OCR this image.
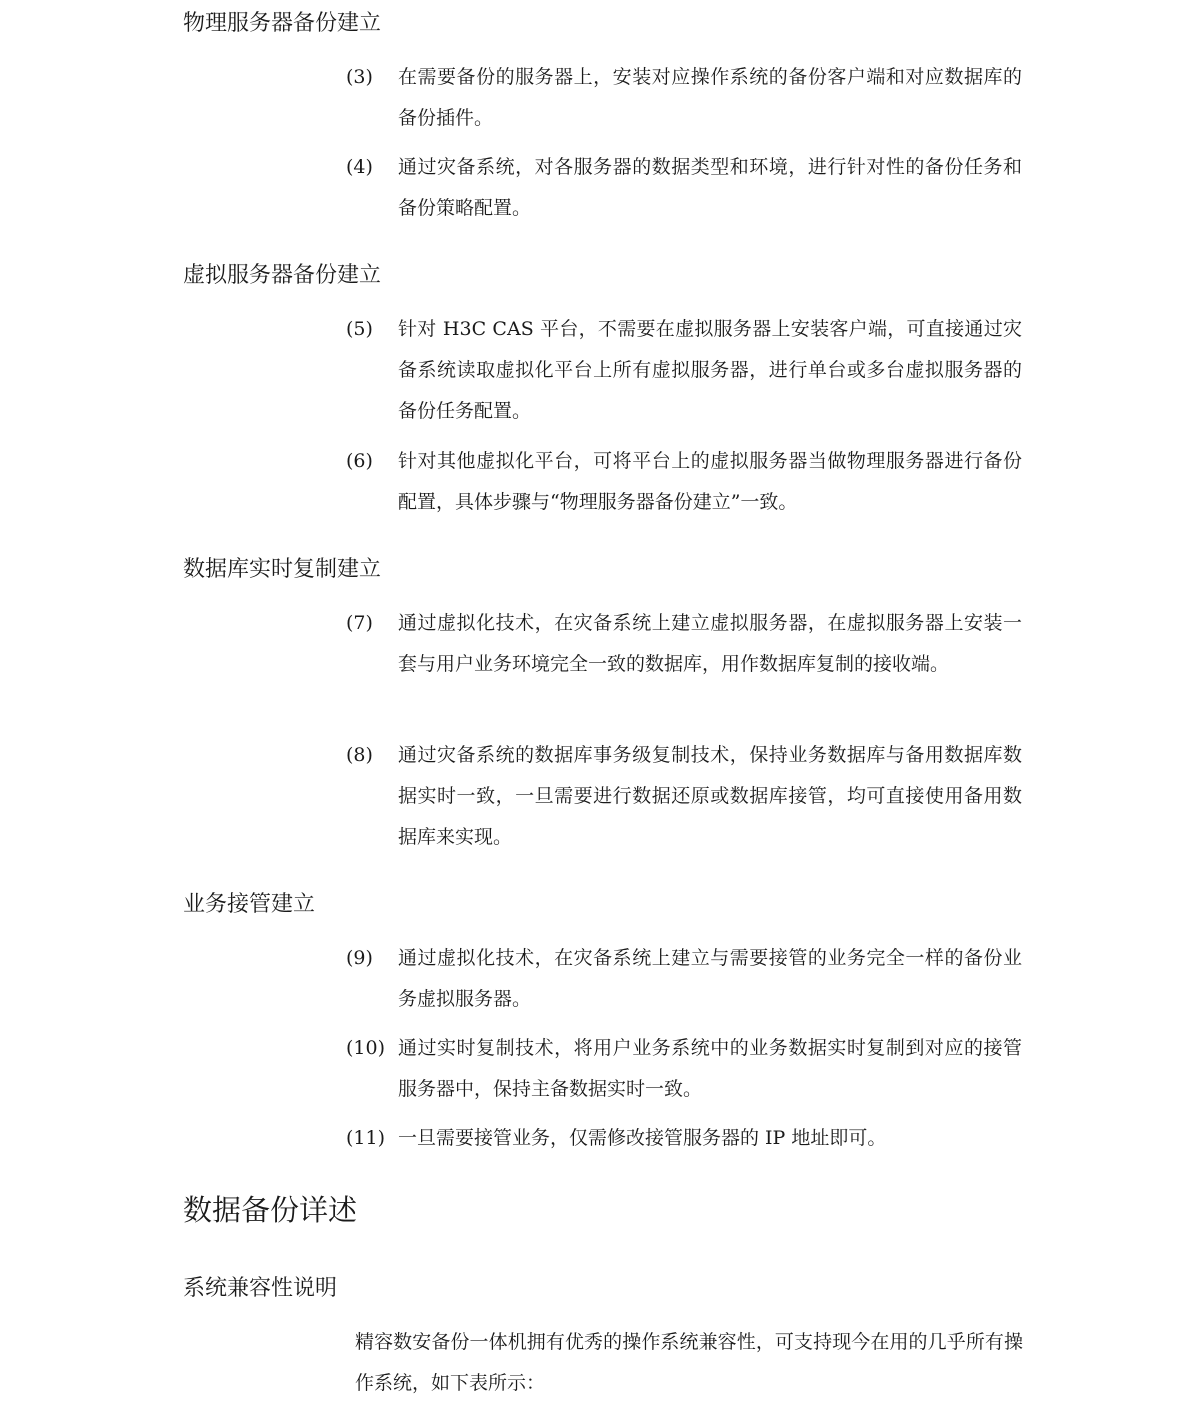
物理服务器备份建立
(3)	在需要备份的服务器上，安装对应操作系统的备份客户端和对应数据库的备份插件。
(4)	通过灾备系统，对各服务器的数据类型和环境，进行针对性的备份任务和备份策略配置。
虚拟服务器备份建立
(5)	针对 H3C CAS 平台，不需要在虚拟服务器上安装客户端，可直接通过灾备系统读取虚拟化平台上所有虚拟服务器，进行单台或多台虚拟服务器的备份任务配置。
(6)	针对其他虚拟化平台，可将平台上的虚拟服务器当做物理服务器进行备份配置，具体步骤与“物理服务器备份建立”一致。
数据库实时复制建立
(7)	通过虚拟化技术，在灾备系统上建立虚拟服务器，在虚拟服务器上安装一套与用户业务环境完全一致的数据库，用作数据库复制的接收端。
(8)	通过灾备系统的数据库事务级复制技术，保持业务数据库与备用数据库数据实时一致，一旦需要进行数据还原或数据库接管，均可直接使用备用数据库来实现。
业务接管建立
(9)	通过虚拟化技术，在灾备系统上建立与需要接管的业务完全一样的备份业务虚拟服务器。
(10) 通过实时复制技术，将用户业务系统中的业务数据实时复制到对应的接管服务器中，保持主备数据实时一致。
(11) 一旦需要接管业务，仅需修改接管服务器的 IP 地址即可。
数据备份详述
系统兼容性说明

精容数安备份一体机拥有优秀的操作系统兼容性，可支持现今在用的几乎所有操作系统，如下表所示：
